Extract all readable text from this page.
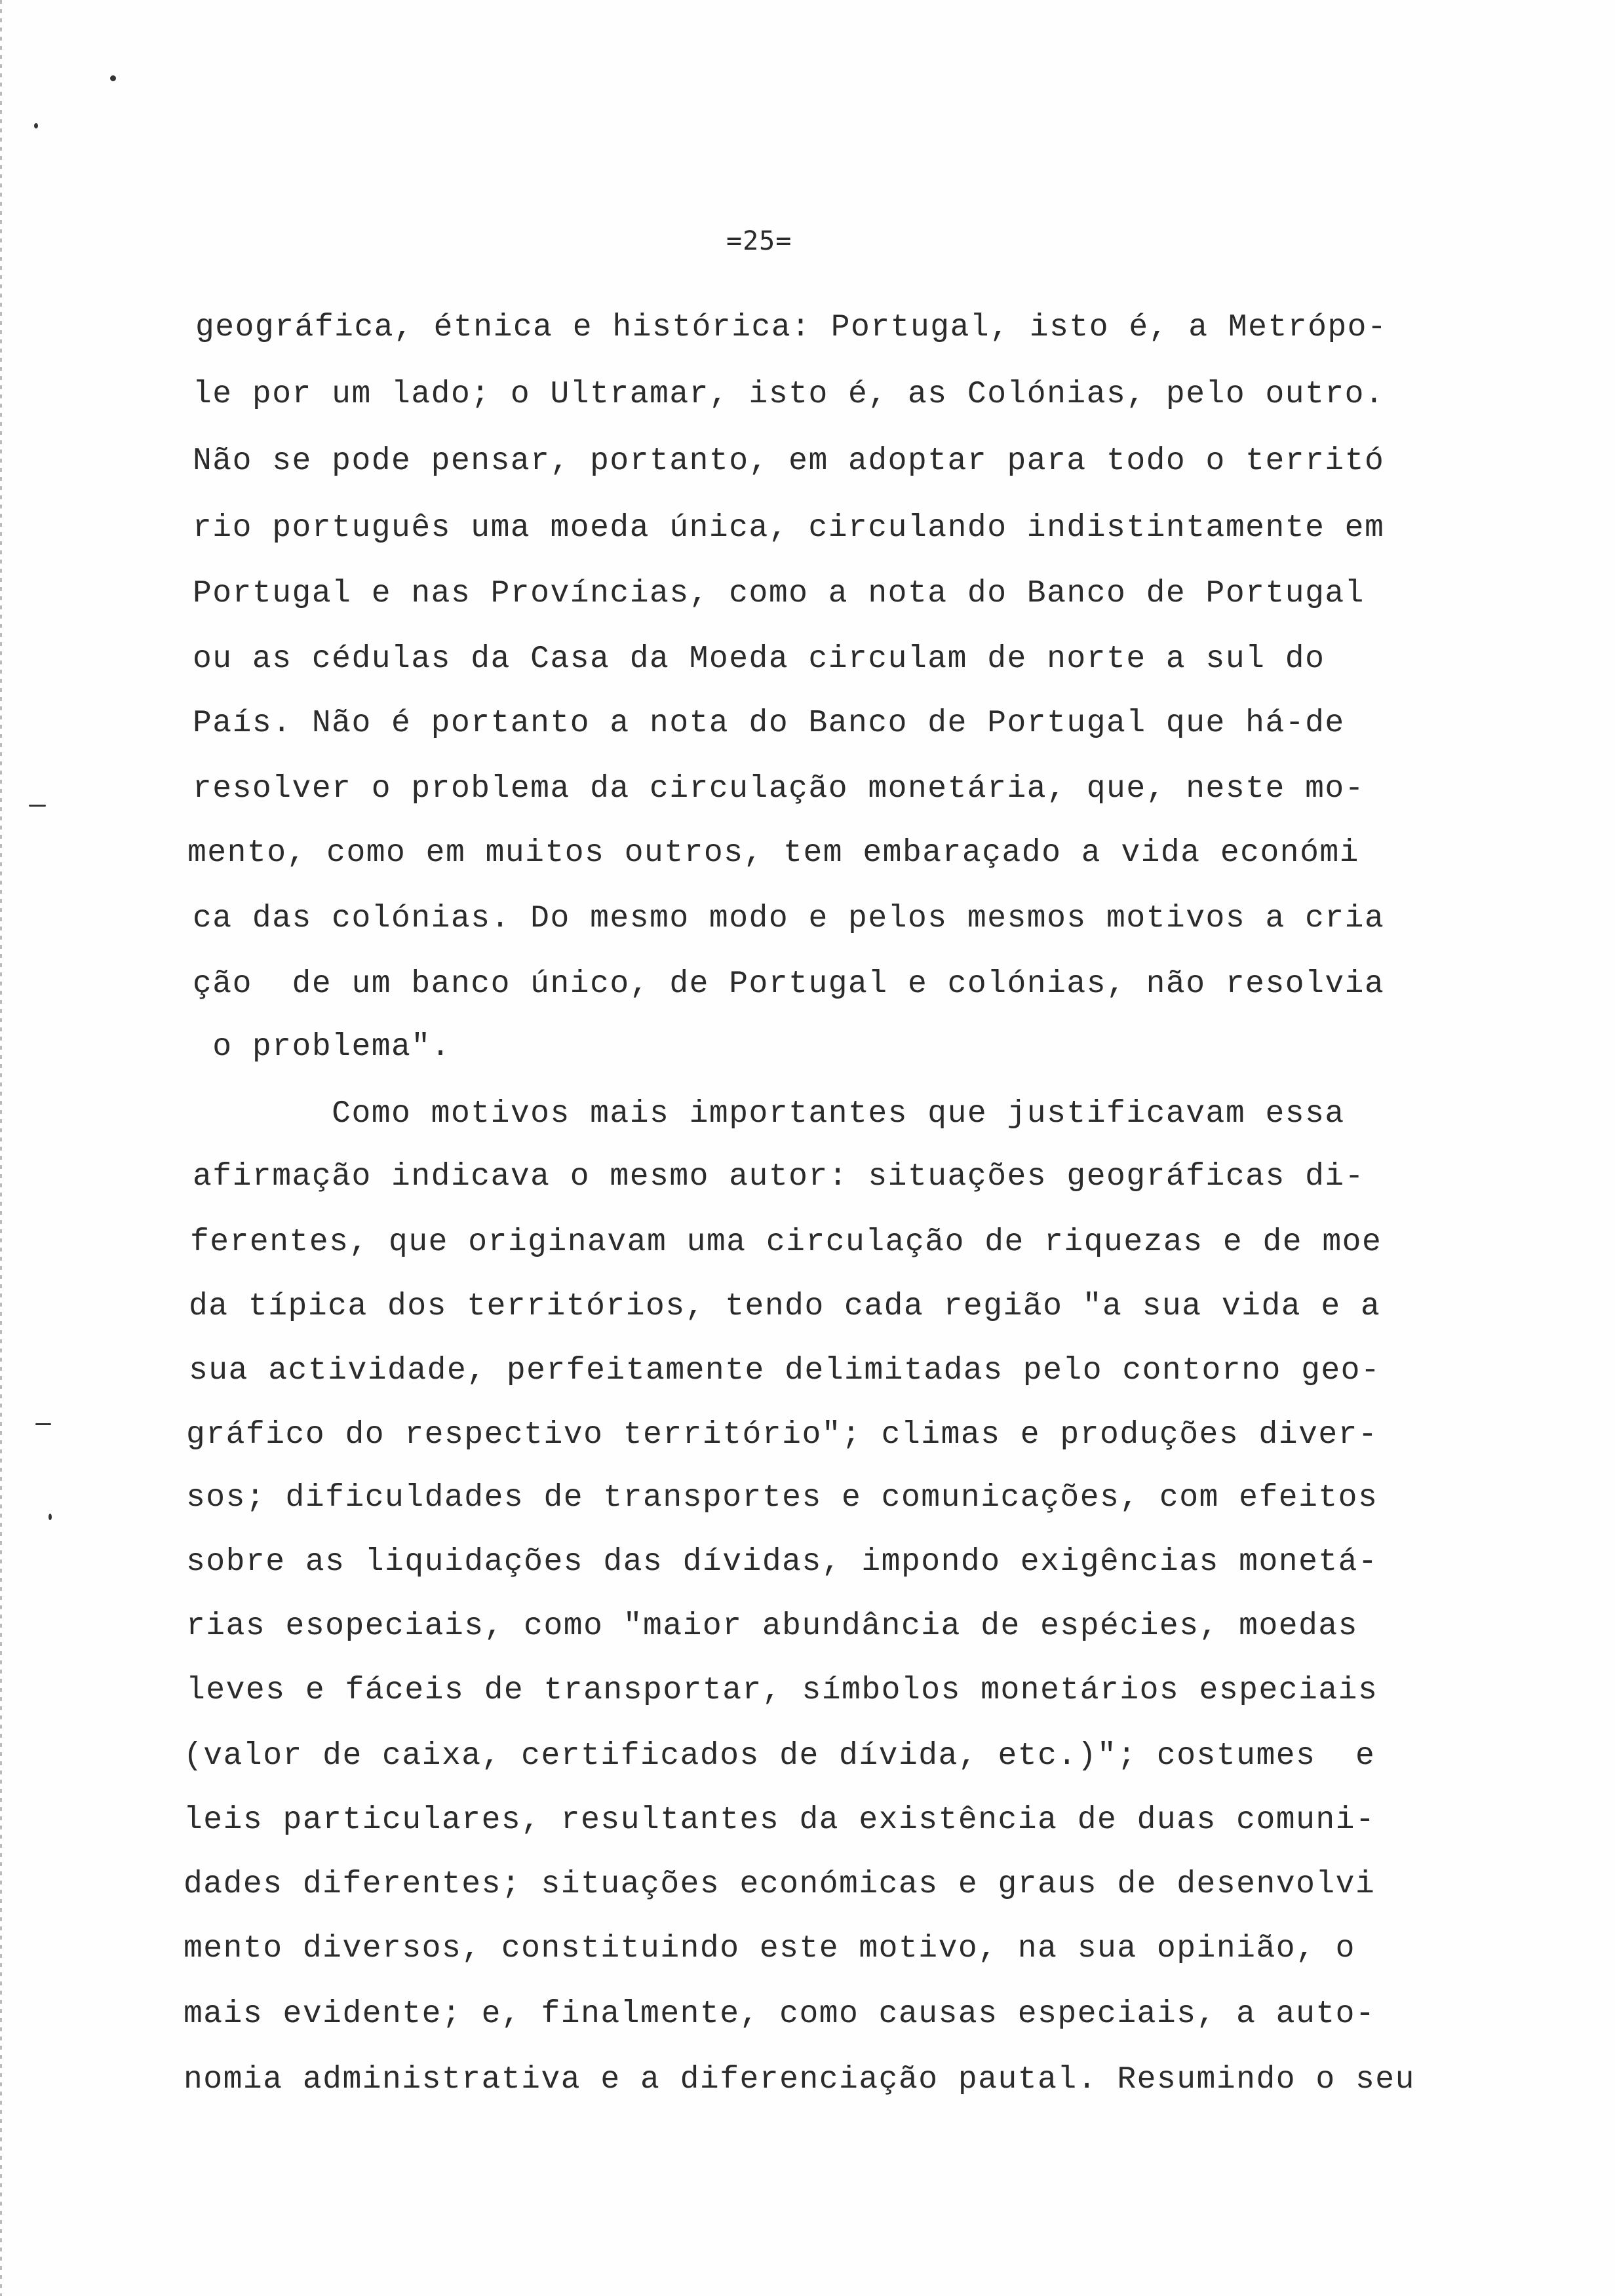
=25=
geográfica, étnica e histórica: Portugal, isto é, a Metrópo-
le por um lado; o Ultramar, isto é, as Colónias, pelo outro.
Não se pode pensar, portanto, em adoptar para todo o territó
rio português uma moeda única, circulando indistintamente em
Portugal e nas Províncias, como a nota do Banco de Portugal
ou as cédulas da Casa da Moeda circulam de norte a sul do
País. Não é portanto a nota do Banco de Portugal que há-de
resolver o problema da circulação monetária, que, neste mo-
mento, como em muitos outros, tem embaraçado a vida económi
ca das colónias. Do mesmo modo e pelos mesmos motivos a cria
ção  de um banco único, de Portugal e colónias, não resolvia
o problema".
Como motivos mais importantes que justificavam essa
afirmação indicava o mesmo autor: situações geográficas di-
ferentes, que originavam uma circulação de riquezas e de moe
da típica dos territórios, tendo cada região "a sua vida e a
sua actividade, perfeitamente delimitadas pelo contorno geo-
gráfico do respectivo território"; climas e produções diver-
sos; dificuldades de transportes e comunicações, com efeitos
sobre as liquidações das dívidas, impondo exigências monetá-
rias esopeciais, como "maior abundância de espécies, moedas
leves e fáceis de transportar, símbolos monetários especiais
(valor de caixa, certificados de dívida, etc.)"; costumes  e
leis particulares, resultantes da existência de duas comuni-
dades diferentes; situações económicas e graus de desenvolvi
mento diversos, constituindo este motivo, na sua opinião, o
mais evidente; e, finalmente, como causas especiais, a auto-
nomia administrativa e a diferenciação pautal. Resumindo o seu
